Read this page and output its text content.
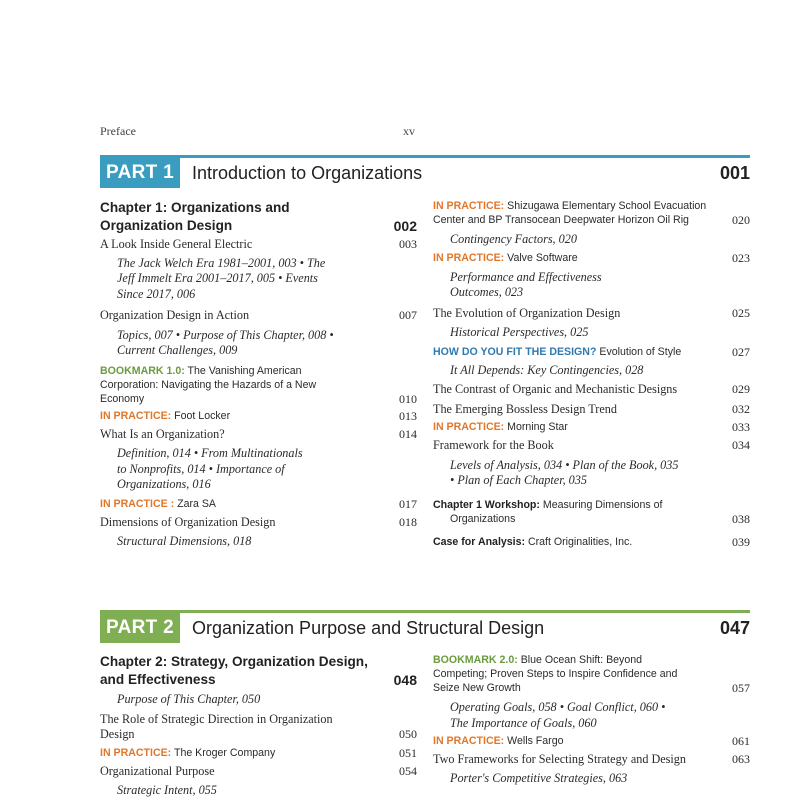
Preface	xv
PART 1	Introduction to Organizations	001
Chapter 1: Organizations and
Organization Design	002
A Look Inside General Electric	003
The Jack Welch Era 1981–2001, 003 • The
Jeff Immelt Era 2001–2017, 005 • Events
Since 2017, 006
Organization Design in Action	007
Topics, 007 • Purpose of This Chapter, 008 •
Current Challenges, 009
BOOKMARK 1.0: The Vanishing American
Corporation: Navigating the Hazards of a New
Economy	010
IN PRACTICE: Foot Locker	013
What Is an Organization?	014
Definition, 014 • From Multinationals
to Nonprofits, 014 • Importance of
Organizations, 016
IN PRACTICE : Zara SA	017
Dimensions of Organization Design	018
Structural Dimensions, 018
IN PRACTICE: Shizugawa Elementary School Evacuation
Center and BP Transocean Deepwater Horizon Oil Rig	020
Contingency Factors, 020
IN PRACTICE: Valve Software	023
Performance and Effectiveness
Outcomes, 023
The Evolution of Organization Design	025
Historical Perspectives, 025
HOW DO YOU FIT THE DESIGN? Evolution of Style	027
It All Depends: Key Contingencies, 028
The Contrast of Organic and Mechanistic Designs	029
The Emerging Bossless Design Trend	032
IN PRACTICE: Morning Star	033
Framework for the Book	034
Levels of Analysis, 034 • Plan of the Book, 035
• Plan of Each Chapter, 035
Chapter 1 Workshop: Measuring Dimensions of
Organizations	038
Case for Analysis: Craft Originalities, Inc.	039
PART 2	Organization Purpose and Structural Design	047
Chapter 2: Strategy, Organization Design,
and Effectiveness	048
Purpose of This Chapter, 050
The Role of Strategic Direction in Organization
Design	050
IN PRACTICE: The Kroger Company	051
Organizational Purpose	054
Strategic Intent, 055
BOOKMARK 2.0: Blue Ocean Shift: Beyond
Competing; Proven Steps to Inspire Confidence and
Seize New Growth	057
Operating Goals, 058 • Goal Conflict, 060 •
The Importance of Goals, 060
IN PRACTICE: Wells Fargo	061
Two Frameworks for Selecting Strategy and Design	063
Porter's Competitive Strategies, 063
